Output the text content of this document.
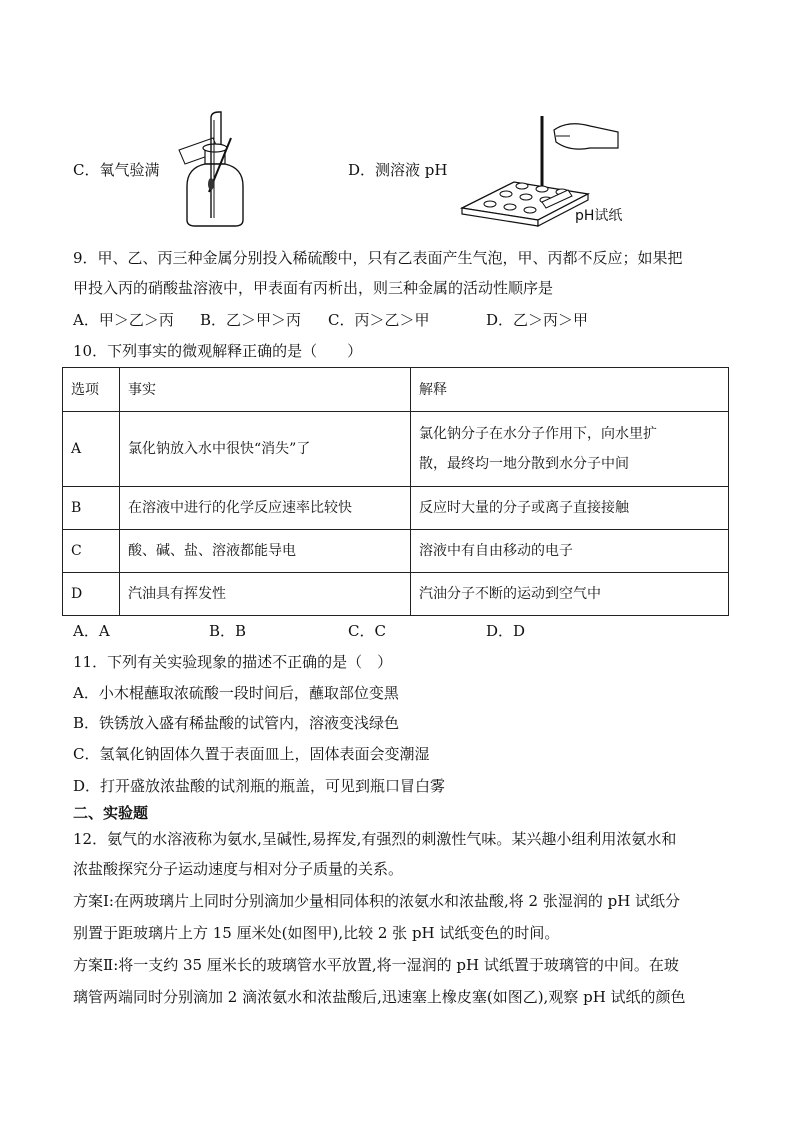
C．氧气验满	D．测溶液 pH
pH试纸
9．甲、乙、丙三种金属分别投入稀硫酸中，只有乙表面产生气泡，甲、丙都不反应；如果把
甲投入丙的硝酸盐溶液中，甲表面有丙析出，则三种金属的活动性顺序是
A．甲＞乙＞丙 B．乙＞甲＞丙 C．丙＞乙＞甲	D．乙＞丙＞甲
10．下列事实的微观解释正确的是（　　）
选项	事实	解释
A	氯化钠放入水中很快“消失”了	氯化钠分子在水分子作用下，向水里扩
散，最终均一地分散到水分子中间

B	在溶液中进行的化学反应速率比较快	反应时大量的分子或离子直接接触
C	酸、碱、盐、溶液都能导电	溶液中有自由移动的电子
D	汽油具有挥发性	汽油分子不断的运动到空气中
A．A	B．B	C．C	D．D
11．下列有关实验现象的描述不正确的是（　）
A．小木棍蘸取浓硫酸一段时间后，蘸取部位变黑
B．铁锈放入盛有稀盐酸的试管内，溶液变浅绿色
C．氢氧化钠固体久置于表面皿上，固体表面会变潮湿
D．打开盛放浓盐酸的试剂瓶的瓶盖，可见到瓶口冒白雾
二、实验题
12．氨气的水溶液称为氨水,呈碱性,易挥发,有强烈的刺激性气味。某兴趣小组利用浓氨水和
浓盐酸探究分子运动速度与相对分子质量的关系。
方案Ⅰ:在两玻璃片上同时分别滴加少量相同体积的浓氨水和浓盐酸,将 2 张湿润的 pH 试纸分
别置于距玻璃片上方 15 厘米处(如图甲),比较 2 张 pH 试纸变色的时间。
方案Ⅱ:将一支约 35 厘米长的玻璃管水平放置,将一湿润的 pH 试纸置于玻璃管的中间。在玻
璃管两端同时分别滴加 2 滴浓氨水和浓盐酸后,迅速塞上橡皮塞(如图乙),观察 pH 试纸的颜色
